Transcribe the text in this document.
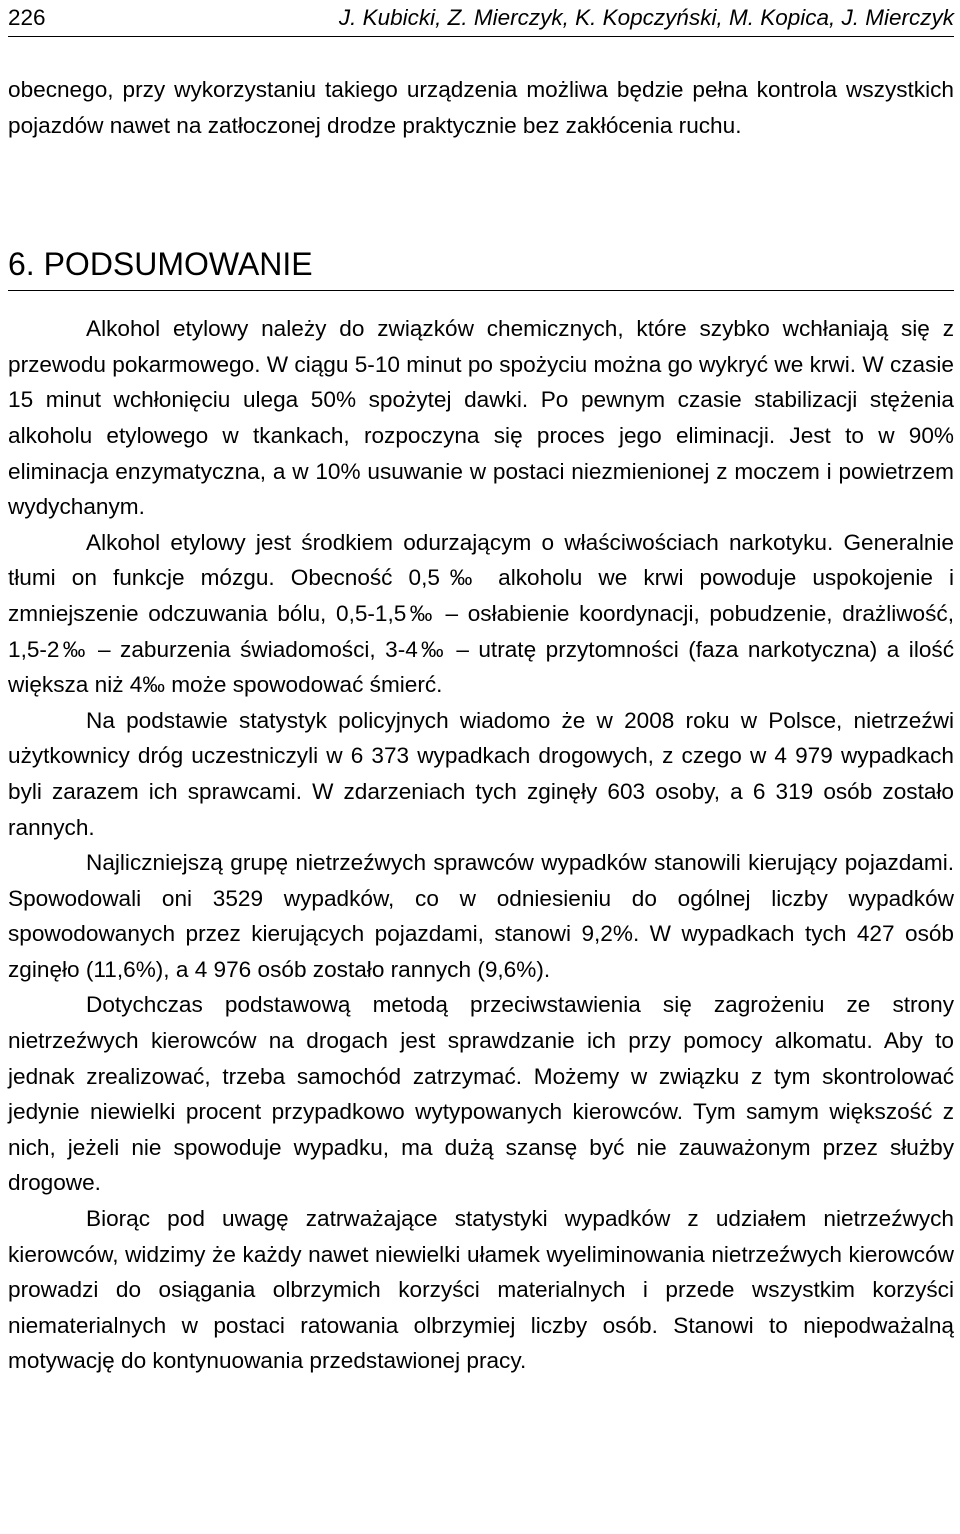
226	J. Kubicki, Z. Mierczyk, K. Kopczyński, M. Kopica, J. Mierczyk

obecnego, przy wykorzystaniu takiego urządzenia możliwa będzie pełna kontrola wszystkich pojazdów nawet na zatłoczonej drodze praktycznie bez zakłócenia ruchu.

6. PODSUMOWANIE

Alkohol etylowy należy do związków chemicznych, które szybko wchłaniają się z przewodu pokarmowego. W ciągu 5-10 minut po spożyciu można go wykryć we krwi. W czasie 15 minut wchłonięciu ulega 50% spożytej dawki. Po pewnym czasie stabilizacji stężenia alkoholu etylowego w tkankach, rozpoczyna się proces jego eliminacji. Jest to w 90% eliminacja enzymatyczna, a w 10% usuwanie w postaci niezmienionej z moczem i powietrzem wydychanym.

Alkohol etylowy jest środkiem odurzającym o właściwościach narkotyku. Generalnie tłumi on funkcje mózgu. Obecność 0,5‰ alkoholu we krwi powoduje uspokojenie i zmniejszenie odczuwania bólu, 0,5-1,5‰ – osłabienie koordynacji, pobudzenie, drażliwość, 1,5-2‰ – zaburzenia świadomości, 3-4‰ – utratę przytomności (faza narkotyczna) a ilość większa niż 4‰ może spowodować śmierć.

Na podstawie statystyk policyjnych wiadomo że w 2008 roku w Polsce, nietrzeźwi użytkownicy dróg uczestniczyli w 6 373 wypadkach drogowych, z czego w 4 979 wypadkach byli zarazem ich sprawcami. W zdarzeniach tych zginęły 603 osoby, a 6 319 osób zostało rannych.

Najliczniejszą grupę nietrzeźwych sprawców wypadków stanowili kierujący pojazdami. Spowodowali oni 3529 wypadków, co w odniesieniu do ogólnej liczby wypadków spowodowanych przez kierujących pojazdami, stanowi 9,2%. W wypadkach tych 427 osób zginęło (11,6%), a 4 976 osób zostało rannych (9,6%).

Dotychczas podstawową metodą przeciwstawienia się zagrożeniu ze strony nietrzeźwych kierowców na drogach jest sprawdzanie ich przy pomocy alkomatu. Aby to jednak zrealizować, trzeba samochód zatrzymać. Możemy w związku z tym skontrolować jedynie niewielki procent przypadkowo wytypowanych kierowców. Tym samym większość z nich, jeżeli nie spowoduje wypadku, ma dużą szansę być nie zauważonym przez służby drogowe.

Biorąc pod uwagę zatrważające statystyki wypadków z udziałem nietrzeźwych kierowców, widzimy że każdy nawet niewielki ułamek wyeliminowania nietrzeźwych kierowców prowadzi do osiągania olbrzymich korzyści materialnych i przede wszystkim korzyści niematerialnych w postaci ratowania olbrzymiej liczby osób. Stanowi to niepodważalną motywację do kontynuowania przedstawionej pracy.
